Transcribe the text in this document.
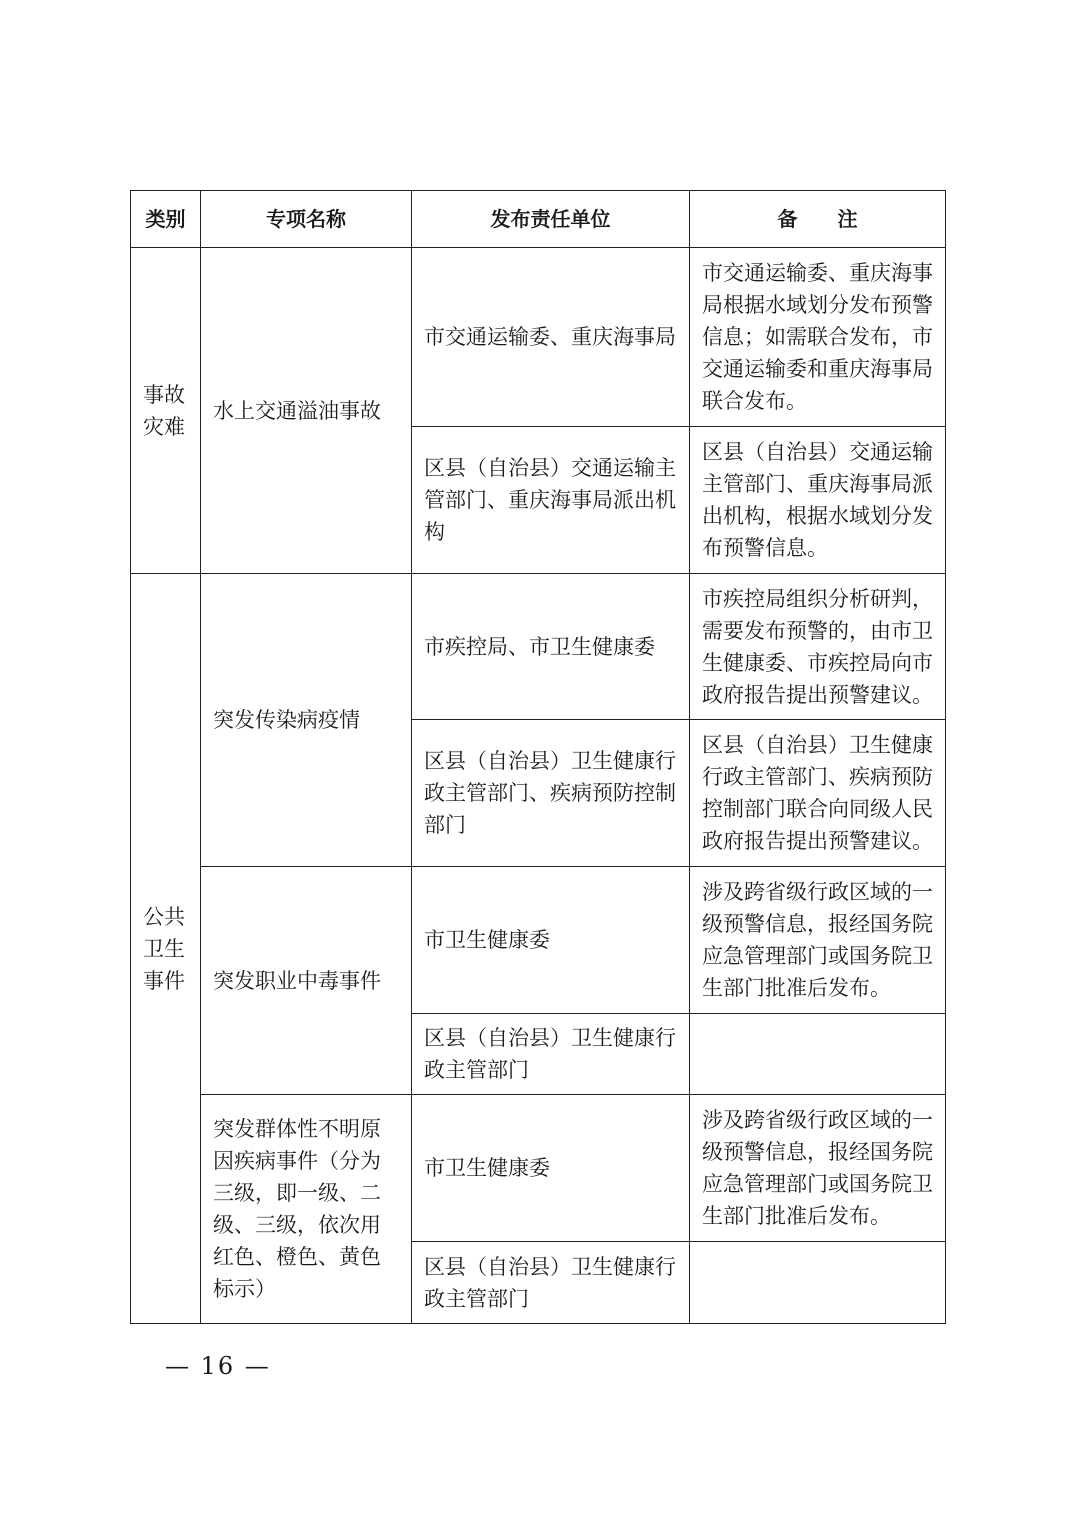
类别	专项名称	发布责任单位	备　　注

事故灾难	水上交通溢油事故	市交通运输委、重庆海事局	市交通运输委、重庆海事局根据水域划分发布预警信息；如需联合发布，市交通运输委和重庆海事局联合发布。
		区县（自治县）交通运输主管部门、重庆海事局派出机构	区县（自治县）交通运输主管部门、重庆海事局派出机构，根据水域划分发布预警信息。

公共卫生事件	突发传染病疫情	市疾控局、市卫生健康委	市疾控局组织分析研判，需要发布预警的，由市卫生健康委、市疾控局向市政府报告提出预警建议。
		区县（自治县）卫生健康行政主管部门、疾病预防控制部门	区县（自治县）卫生健康行政主管部门、疾病预防控制部门联合向同级人民政府报告提出预警建议。
	突发职业中毒事件	市卫生健康委	涉及跨省级行政区域的一级预警信息，报经国务院应急管理部门或国务院卫生部门批准后发布。
		区县（自治县）卫生健康行政主管部门	
	突发群体性不明原因疾病事件（分为三级，即一级、二级、三级，依次用红色、橙色、黄色标示）	市卫生健康委	涉及跨省级行政区域的一级预警信息，报经国务院应急管理部门或国务院卫生部门批准后发布。
		区县（自治县）卫生健康行政主管部门	
— 16 —
